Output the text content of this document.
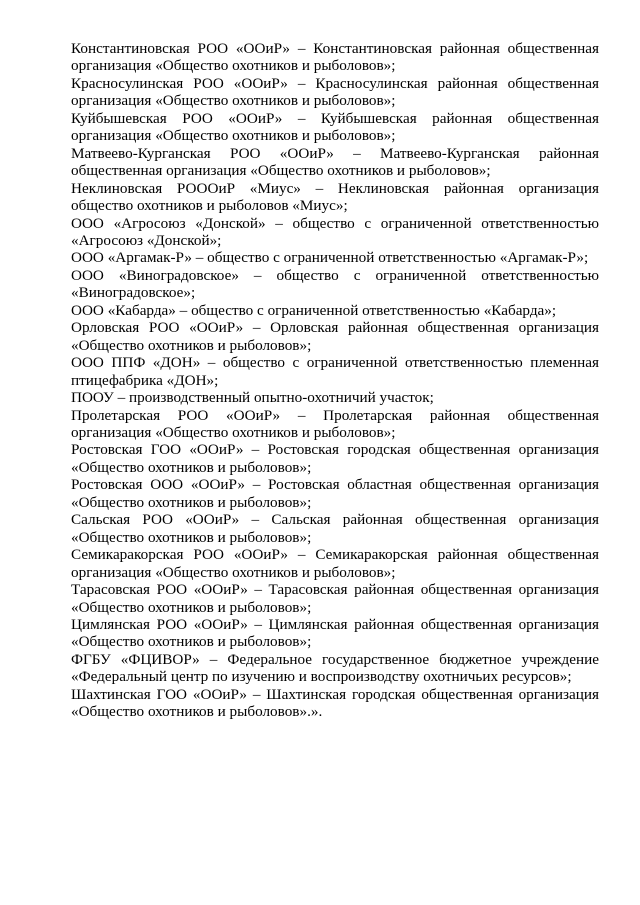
Константиновская РОО «ООиР» – Константиновская районная общественная организация «Общество охотников и рыболовов»;

Красносулинская РОО «ООиР» – Красносулинская районная общественная организация «Общество охотников и рыболовов»;

Куйбышевская РОО «ООиР» – Куйбышевская районная общественная организация «Общество охотников и рыболовов»;

Матвеево-Курганская РОО «ООиР» – Матвеево-Курганская районная общественная организация «Общество охотников и рыболовов»;

Неклиновская РОООиР «Миус» – Неклиновская районная организация общество охотников и рыболовов «Миус»;

ООО «Агросоюз «Донской» – общество с ограниченной ответственностью «Агросоюз «Донской»;

ООО «Аргамак-Р» – общество с ограниченной ответственностью «Аргамак-Р»;

ООО «Виноградовское» – общество с ограниченной ответственностью «Виноградовское»;

ООО «Кабарда» – общество с ограниченной ответственностью «Кабарда»;

Орловская РОО «ООиР» – Орловская районная общественная организация «Общество охотников и рыболовов»;

ООО ППФ «ДОН» – общество с ограниченной ответственностью племенная птицефабрика «ДОН»;

ПООУ – производственный опытно-охотничий участок;

Пролетарская РОО «ООиР» – Пролетарская районная общественная организация «Общество охотников и рыболовов»;

Ростовская ГОО «ООиР» – Ростовская городская общественная организация «Общество охотников и рыболовов»;

Ростовская ООО «ООиР» – Ростовская областная общественная организация «Общество охотников и рыболовов»;

Сальская РОО «ООиР» – Сальская районная общественная организация «Общество охотников и рыболовов»;

Семикаракорская РОО «ООиР» – Семикаракорская районная общественная организация «Общество охотников и рыболовов»;

Тарасовская РОО «ООиР» – Тарасовская районная общественная организация «Общество охотников и рыболовов»;

Цимлянская РОО «ООиР» – Цимлянская районная общественная организация «Общество охотников и рыболовов»;

ФГБУ «ФЦИВОР» – Федеральное государственное бюджетное учреждение «Федеральный центр по изучению и воспроизводству охотничьих ресурсов»;

Шахтинская ГОО «ООиР» – Шахтинская городская общественная организация «Общество охотников и рыболовов».».
